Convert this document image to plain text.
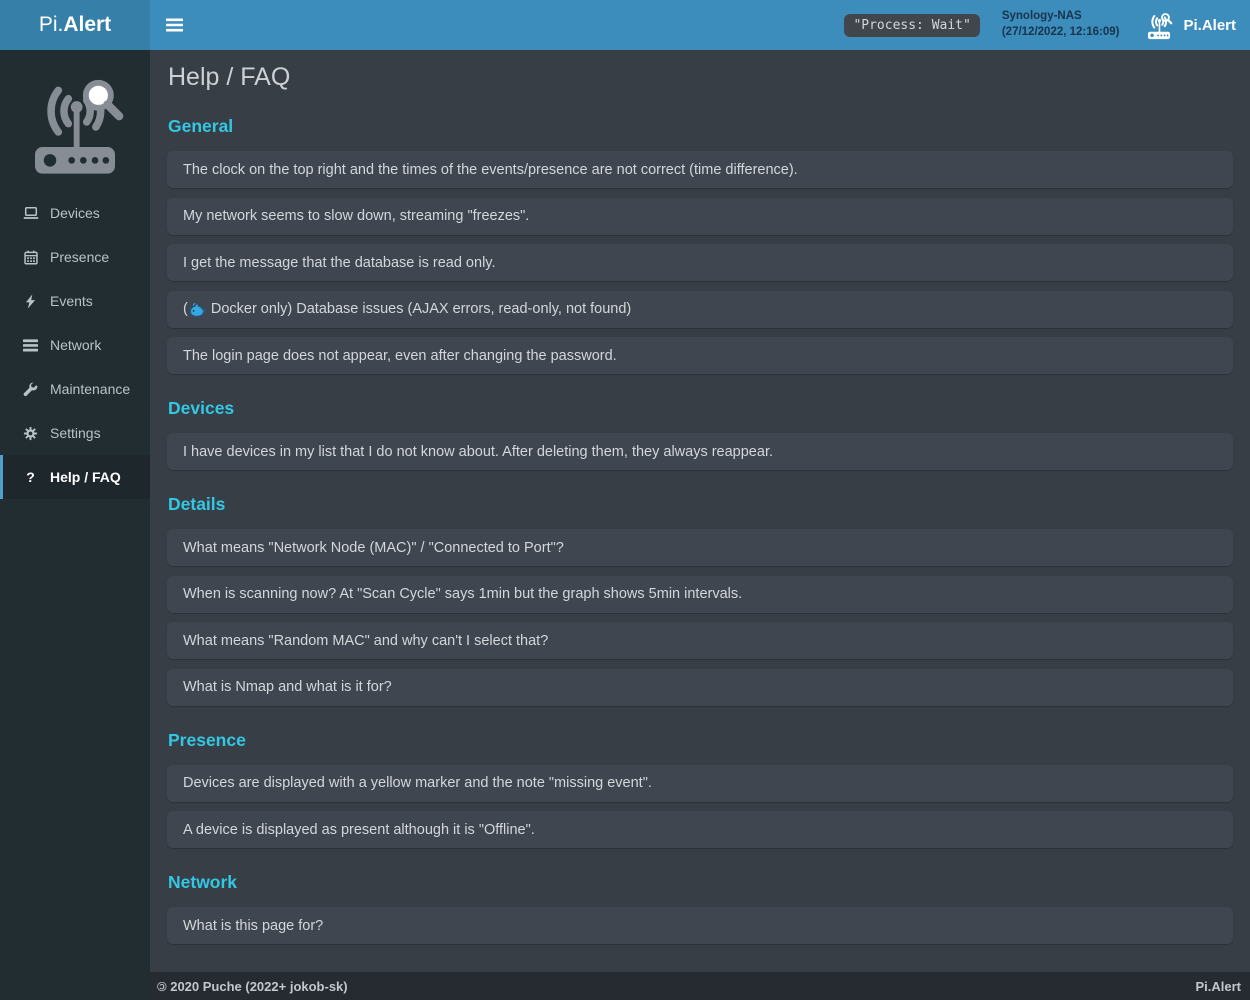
Pi.Alert	"Process: Wait"
Synology-NAS
(27/12/2022, 12:16:09)	Pi.Alert
Devices
Presence
Events
Network
Maintenance
Settings
? Help / FAQ
Help / FAQ
General
The clock on the top right and the times of the events/presence are not correct (time difference).
My network seems to slow down, streaming "freezes".
I get the message that the database is read only.
( Docker only) Database issues (AJAX errors, read-only, not found)
The login page does not appear, even after changing the password.
Devices
I have devices in my list that I do not know about. After deleting them, they always reappear.
Details
What means "Network Node (MAC)" / "Connected to Port"?
When is scanning now? At "Scan Cycle" says 1min but the graph shows 5min intervals.
What means "Random MAC" and why can't I select that?
What is Nmap and what is it for?
Presence
Devices are displayed with a yellow marker and the note "missing event".
A device is displayed as present although it is "Offline".
Network
What is this page for?
© 2020 Puche (2022+ jokob-sk)	Pi.Alert
